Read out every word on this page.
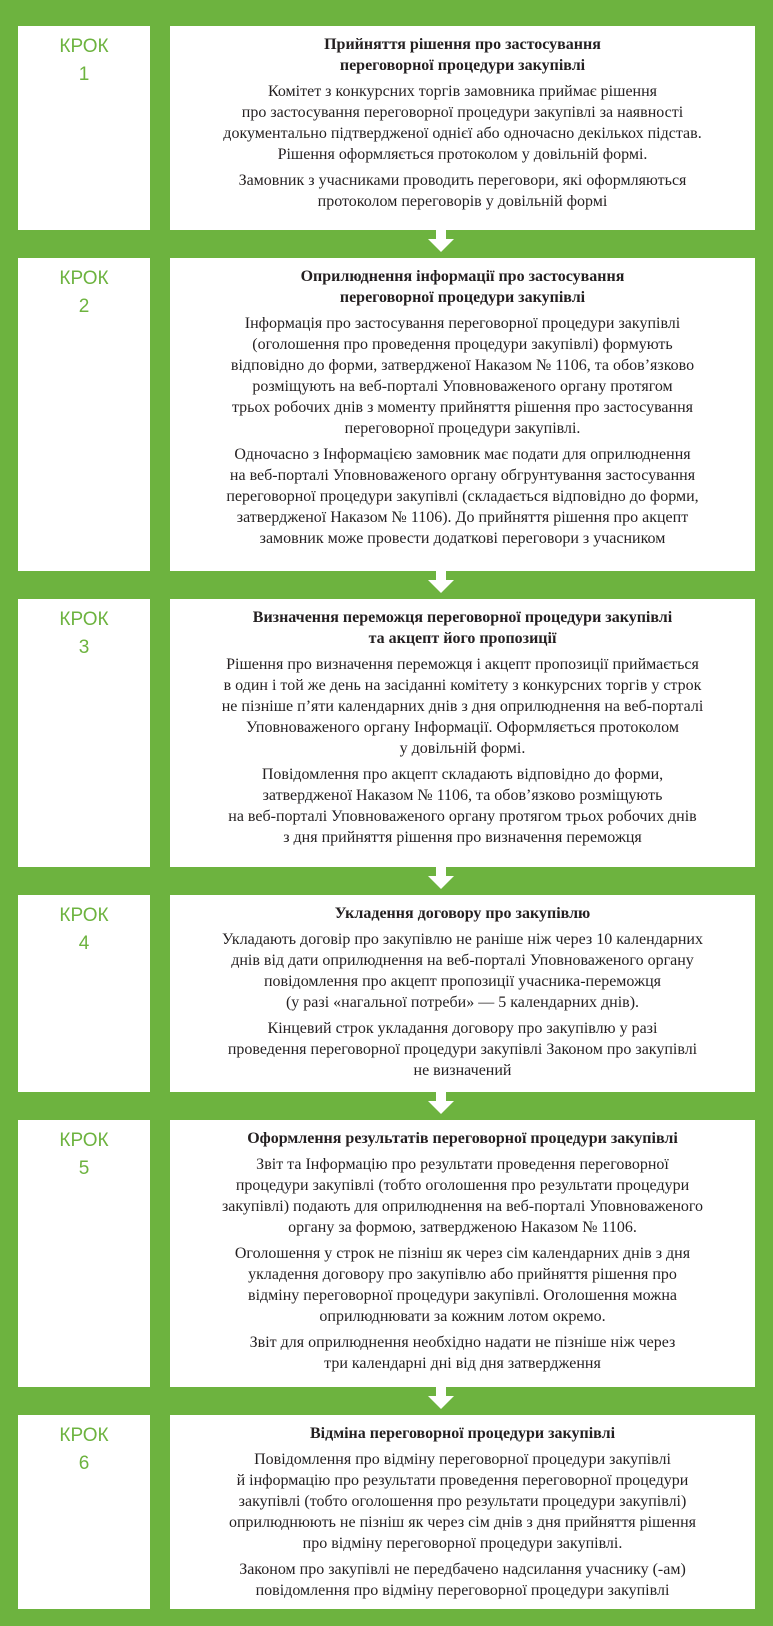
КРОК
1
Прийняття рішення про застосування
переговорної процедури закупівлі
Комітет з конкурсних торгів замовника приймає рішення
про застосування переговорної процедури закупівлі за наявності
документально підтвердженої однієї або одночасно декількох підстав.
Рішення оформляється протоколом у довільній формі.
Замовник з учасниками проводить переговори, які оформляються
протоколом переговорів у довільній формі
КРОК
2
Оприлюднення інформації про застосування
переговорної процедури закупівлі
Інформація про застосування переговорної процедури закупівлі
(оголошення про проведення процедури закупівлі) формують
відповідно до форми, затвердженої Наказом № 1106, та обов’язково
розміщують на веб-порталі Уповноваженого органу протягом
трьох робочих днів з моменту прийняття рішення про застосування
переговорної процедури закупівлі.
Одночасно з Інформацією замовник має подати для оприлюднення
на веб-порталі Уповноваженого органу обгрунтування застосування
переговорної процедури закупівлі (складається відповідно до форми,
затвердженої Наказом № 1106). До прийняття рішення про акцепт
замовник може провести додаткові переговори з учасником
КРОК
3
Визначення переможця переговорної процедури закупівлі
та акцепт його пропозиції
Рішення про визначення переможця і акцепт пропозиції приймається
в один і той же день на засіданні комітету з конкурсних торгів у строк
не пізніше п’яти календарних днів з дня оприлюднення на веб-порталі
Уповноваженого органу Інформації. Оформляється протоколом
у довільній формі.
Повідомлення про акцепт складають відповідно до форми,
затвердженої Наказом № 1106, та обов’язково розміщують
на веб-порталі Уповноваженого органу протягом трьох робочих днів
з дня прийняття рішення про визначення переможця
КРОК
4
Укладення договору про закупівлю
Укладають договір про закупівлю не раніше ніж через 10 календарних
днів від дати оприлюднення на веб-порталі Уповноваженого органу
повідомлення про акцепт пропозиції учасника-переможця
(у разі «нагальної потреби» — 5 календарних днів).
Кінцевий строк укладання договору про закупівлю у разі
проведення переговорної процедури закупівлі Законом про закупівлі
не визначений
КРОК
5
Оформлення результатів переговорної процедури закупівлі
Звіт та Інформацію про результати проведення переговорної
процедури закупівлі (тобто оголошення про результати процедури
закупівлі) подають для оприлюднення на веб-порталі Уповноваженого
органу за формою, затвердженою Наказом № 1106.
Оголошення у строк не пізніш як через сім календарних днів з дня
укладення договору про закупівлю або прийняття рішення про
відміну переговорної процедури закупівлі. Оголошення можна
оприлюднювати за кожним лотом окремо.
Звіт для оприлюднення необхідно надати не пізніше ніж через
три календарні дні від дня затвердження
КРОК
6
Відміна переговорної процедури закупівлі
Повідомлення про відміну переговорної процедури закупівлі
й інформацію про результати проведення переговорної процедури
закупівлі (тобто оголошення про результати процедури закупівлі)
оприлюднюють не пізніш як через сім днів з дня прийняття рішення
про відміну переговорної процедури закупівлі.
Законом про закупівлі не передбачено надсилання учаснику (-ам)
повідомлення про відміну переговорної процедури закупівлі
